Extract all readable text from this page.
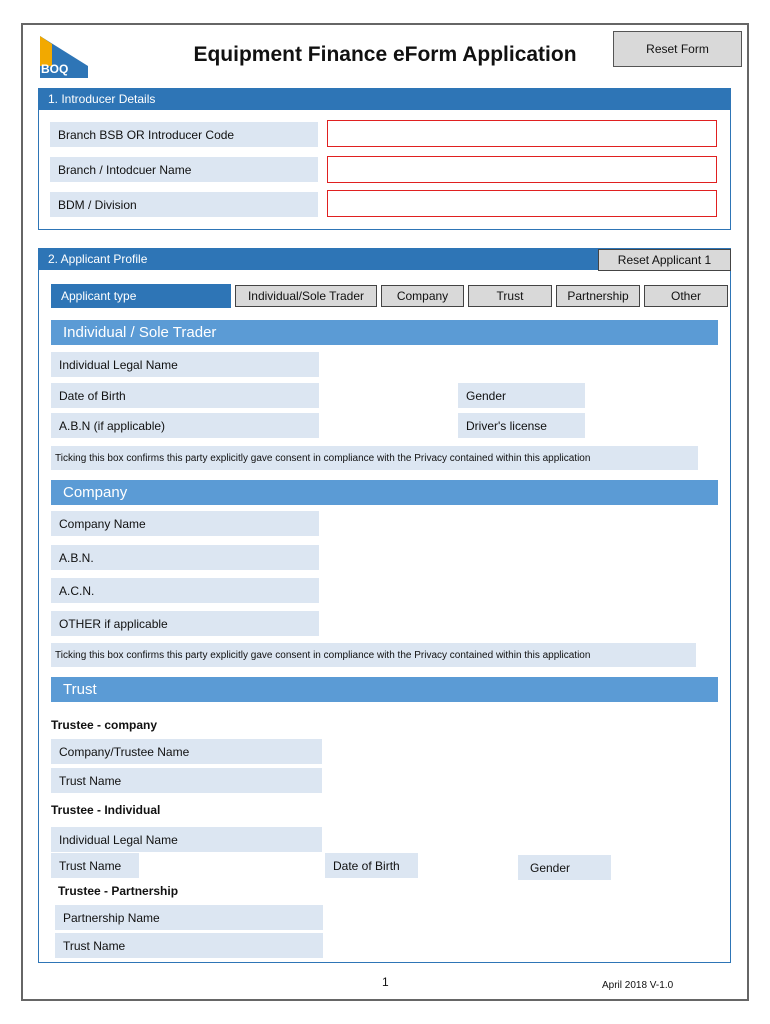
BOQ
Equipment Finance eForm Application	Reset Form
1. Introducer Details
Branch BSB OR Introducer Code
Branch / Intodcuer Name
BDM / Division
2. Applicant Profile	Reset Applicant 1
Applicant type	Individual/Sole Trader	Company	Trust	Partnership	Other
Individual / Sole Trader
Individual Legal Name
Date of Birth	Gender
A.B.N (if applicable)	Driver's license
Ticking this box confirms this party explicitly gave consent in compliance with the Privacy contained within this application
Company
Company Name
A.B.N.
A.C.N.
OTHER if applicable
Ticking this box confirms this party explicitly gave consent in compliance with the Privacy contained within this application
Trust
Trustee - company
Company/Trustee Name
Trust Name
Trustee - Individual
Individual Legal Name
Trust Name	Date of Birth	Gender
Trustee - Partnership
Partnership Name
Trust Name
1	April 2018 V-1.0
